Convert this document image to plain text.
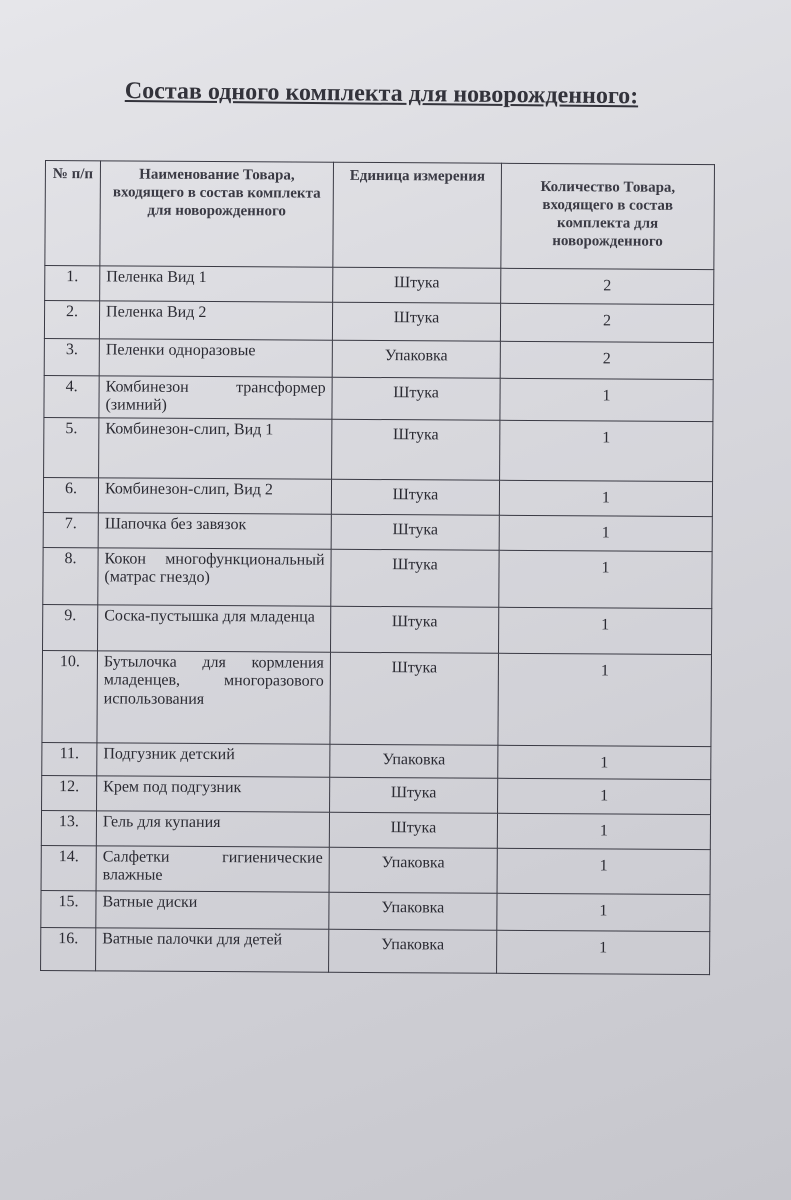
Состав одного комплекта для новорожденного:
№ п/п	Наименование Товара, входящего в состав комплекта для новорожденного	Единица измерения	Количество Товара, входящего в состав комплекта для новорожденного
1.	Пеленка Вид 1	Штука	2
2.	Пеленка Вид 2	Штука	2
3.	Пеленки одноразовые	Упаковка	2
4.	Комбинезон трансформер (зимний)	Штука	1
5.	Комбинезон-слип, Вид 1	Штука	1
6.	Комбинезон-слип, Вид 2	Штука	1
7.	Шапочка без завязок	Штука	1
8.	Кокон многофункциональный (матрас гнездо)	Штука	1
9.	Соска-пустышка для младенца	Штука	1
10.	Бутылочка для кормления младенцев, многоразового использования	Штука	1
11.	Подгузник детский	Упаковка	1
12.	Крем под подгузник	Штука	1
13.	Гель для купания	Штука	1
14.	Салфетки гигиенические влажные	Упаковка	1
15.	Ватные диски	Упаковка	1
16.	Ватные палочки для детей	Упаковка	1
